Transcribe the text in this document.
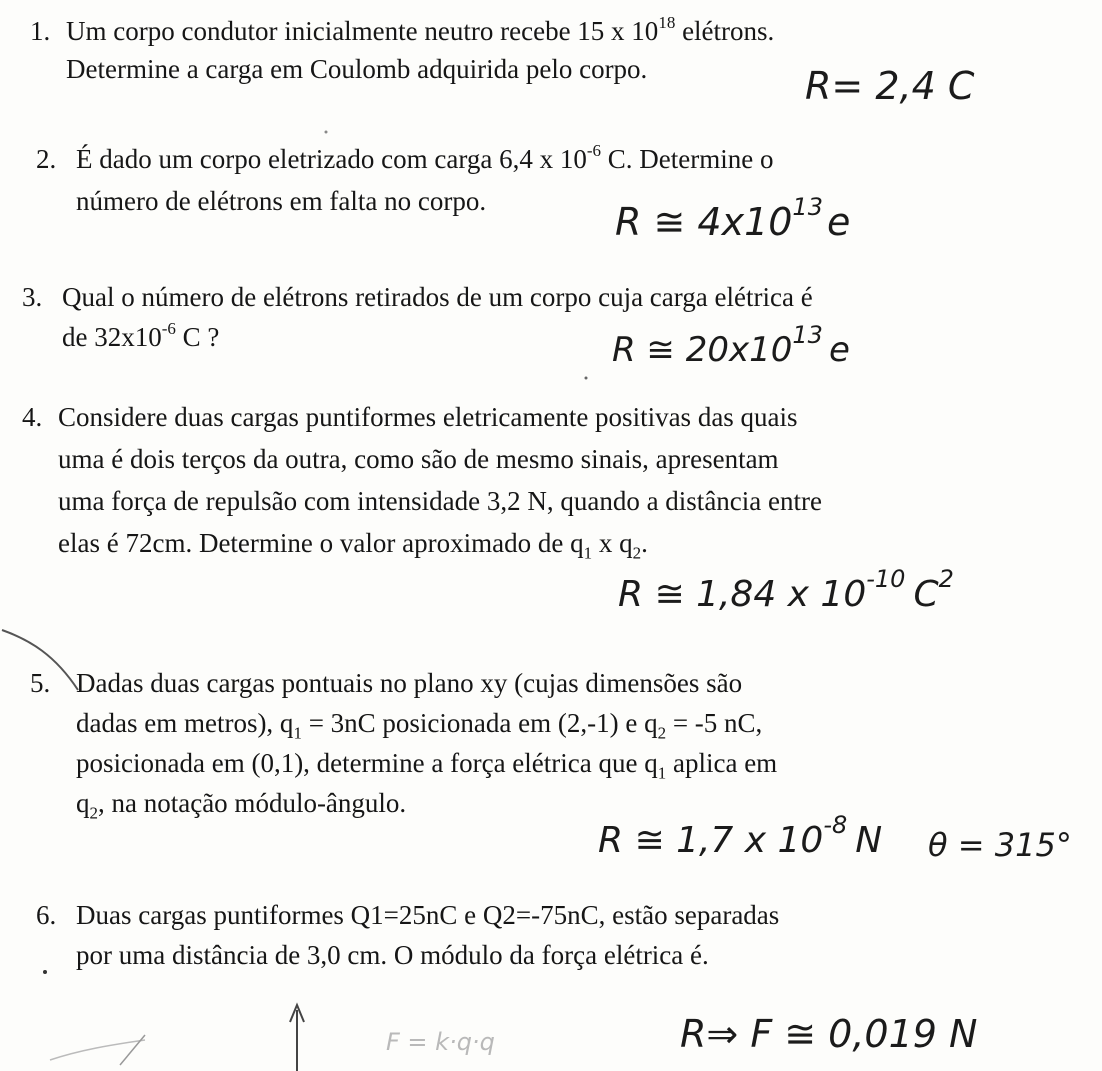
1. Um corpo condutor inicialmente neutro recebe 15 x $10^{18}$ elétrons.
Determine a carga em Coulomb adquirida pelo corpo.	R= 2,4 C
2. É dado um corpo eletrizado com carga 6,4 x $10^{-6}$ C. Determine o
número de elétrons em falta no corpo.	R ≅ $4x10^{13}$ e
3. Qual o número de elétrons retirados de um corpo cuja carga elétrica é
de $32x10^{-6}$ C ?	R ≅ $20x10^{13}$ e
4. Considere duas cargas puntiformes eletricamente positivas das quais
uma é dois terços da outra, como são de mesmo sinais, apresentam
uma força de repulsão com intensidade 3,2 N, quando a distância entre
elas é 72cm. Determine o valor aproximado de $q_1$ x $q_2$.
R ≅ 1,84 x $10^{-10}$ $C^2$
5. Dadas duas cargas pontuais no plano xy (cujas dimensões são
dadas em metros), $q_1 = 3nC$ posicionada em (2,-1) e $q_2 = -5$ nC,
posicionada em (0,1), determine a força elétrica que $q_1$ aplica em
$q_2$, na notação módulo-ângulo.
R ≅ 1,7 x $10^{-8}$ N θ = 315°
6. Duas cargas puntiformes Q1=25nC e Q2=-75nC, estão separadas
por uma distância de 3,0 cm. O módulo da força elétrica é.
F = k·q·q	R⇒ F ≅ 0,019 N
